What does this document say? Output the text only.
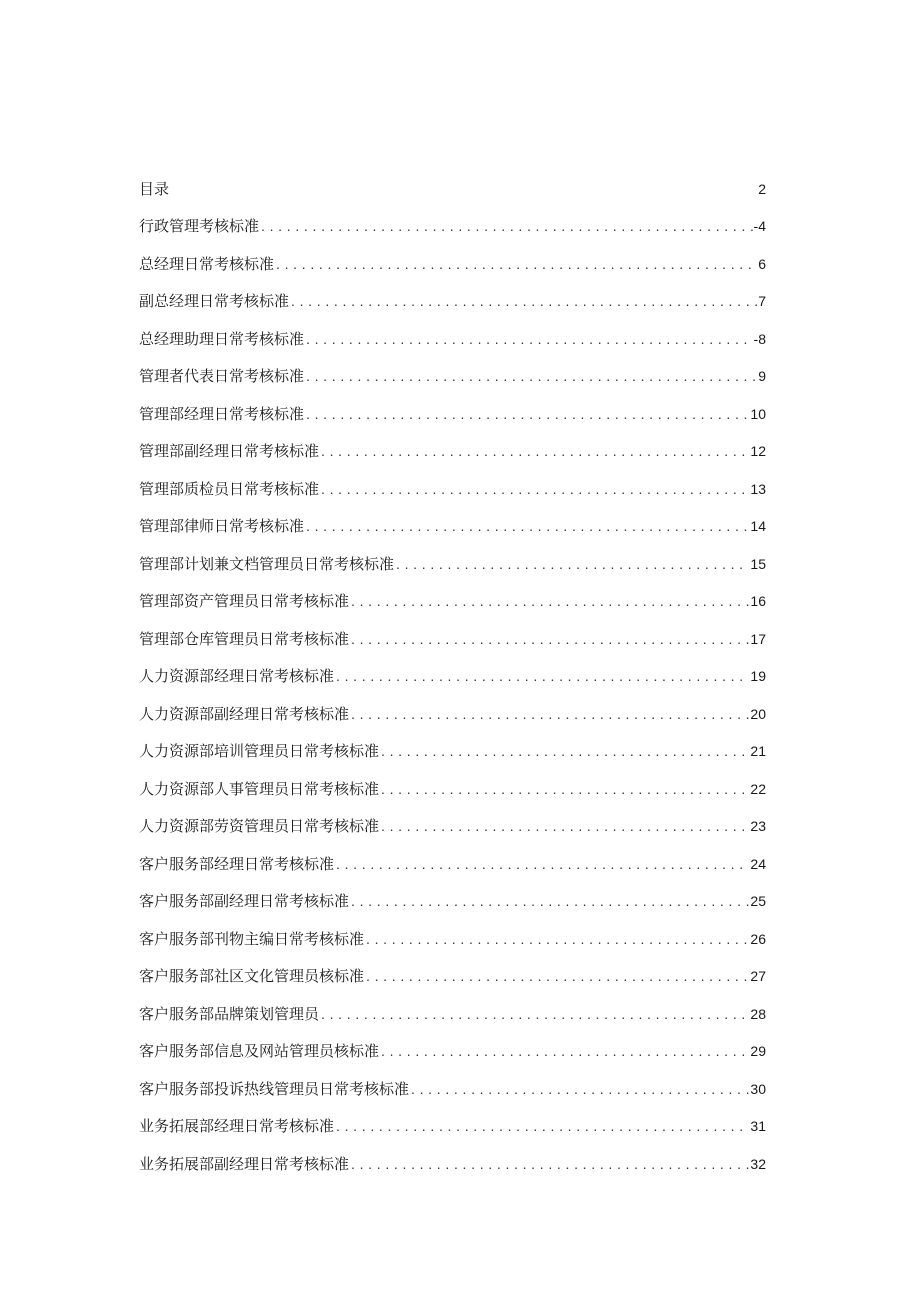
目录	2
行政管理考核标准 . . .	-4
总经理日常考核标准 . . .	6
副总经理日常考核标准 . . .	7
总经理助理日常考核标准 . . .	-8
管理者代表日常考核标准 . . .	9
管理部经理日常考核标准 . . .	10
管理部副经理日常考核标准 . . .	12
管理部质检员日常考核标准 . . .	13
管理部律师日常考核标准 . . .	14
管理部计划兼文档管理员日常考核标准 . . .	15
管理部资产管理员日常考核标准 . . .	16
管理部仓库管理员日常考核标准 . . .	17
人力资源部经理日常考核标准 . . .	19
人力资源部副经理日常考核标准 . . .	20
人力资源部培训管理员日常考核标准 . . .	21
人力资源部人事管理员日常考核标准 . . .	22
人力资源部劳资管理员日常考核标准 . . .	23
客户服务部经理日常考核标准 . . .	24
客户服务部副经理日常考核标准 . . .	25
客户服务部刊物主编日常考核标准 . . .	26
客户服务部社区文化管理员核标准 . . .	27
客户服务部品牌策划管理员 . . .	28
客户服务部信息及网站管理员核标准 . . .	29
客户服务部投诉热线管理员日常考核标准 . . .	30
业务拓展部经理日常考核标准 . . .	31
业务拓展部副经理日常考核标准 . . .	32
